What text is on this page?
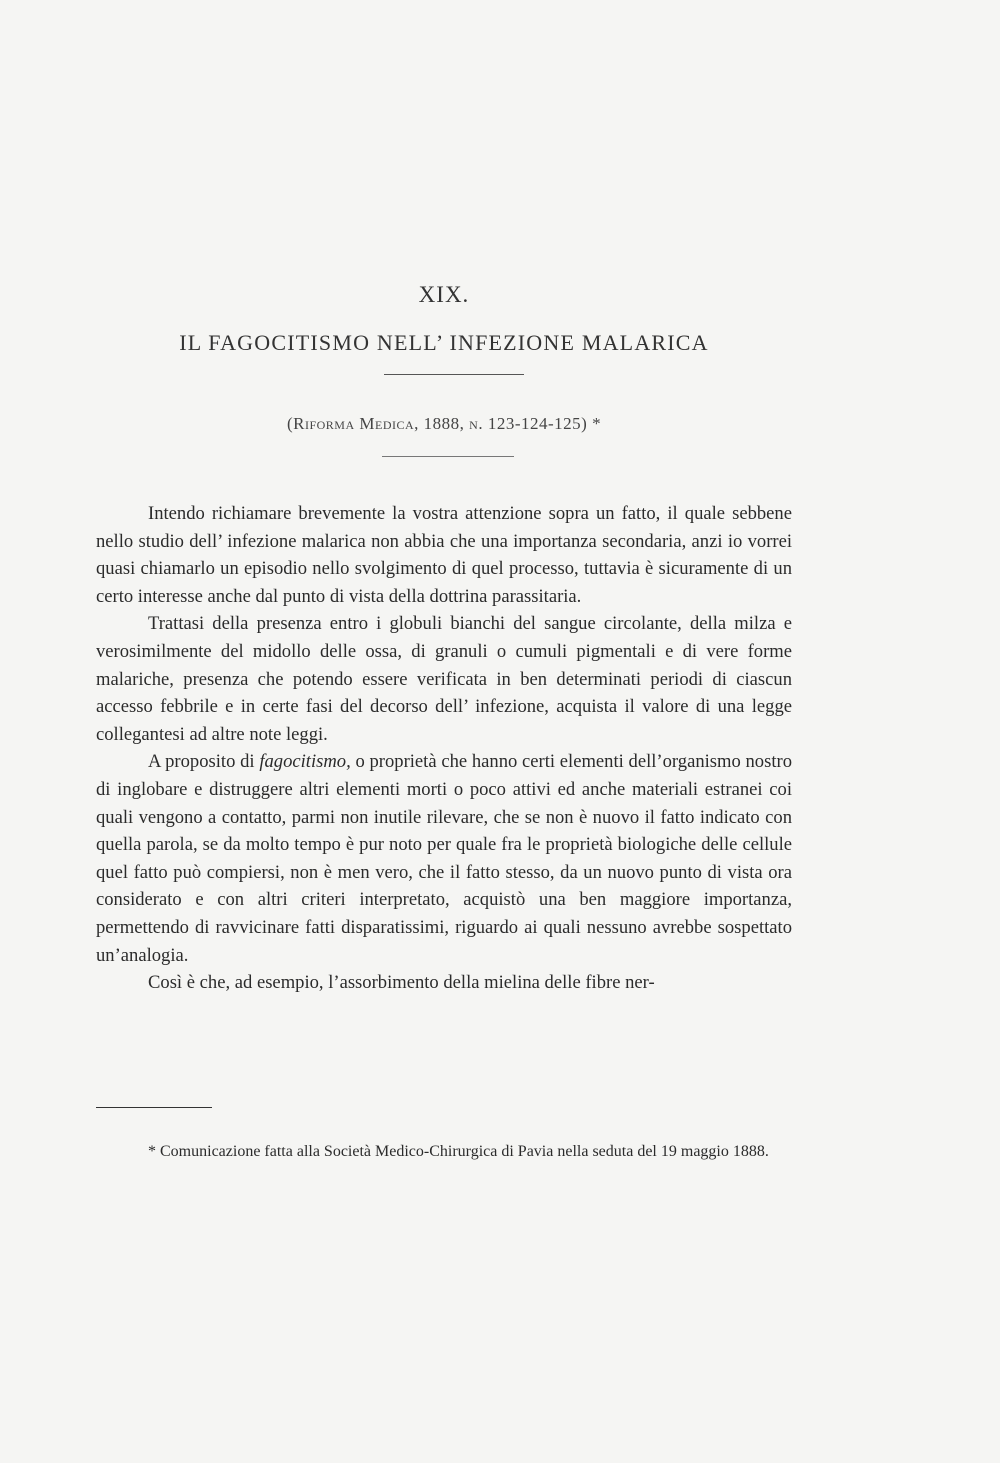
XIX.
IL FAGOCITISMO NELL’ INFEZIONE MALARICA
(Riforma Medica, 1888, n. 123-124-125) *

Intendo richiamare brevemente la vostra attenzione sopra un fatto, il quale sebbene nello studio dell’ infezione malarica non abbia che una importanza secondaria, anzi io vorrei quasi chiamarlo un episodio nello svolgimento di quel processo, tuttavia è sicuramente di un certo interesse anche dal punto di vista della dottrina parassitaria.

Trattasi della presenza entro i globuli bianchi del sangue circolante, della milza e verosimilmente del midollo delle ossa, di granuli o cumuli pigmentali e di vere forme malariche, presenza che potendo essere verificata in ben determinati periodi di ciascun accesso febbrile e in certe fasi del decorso dell’ infezione, acquista il valore di una legge collegantesi ad altre note leggi.

A proposito di fagocitismo, o proprietà che hanno certi elementi dell’organismo nostro di inglobare e distruggere altri elementi morti o poco attivi ed anche materiali estranei coi quali vengono a contatto, parmi non inutile rilevare, che se non è nuovo il fatto indicato con quella parola, se da molto tempo è pur noto per quale fra le proprietà biologiche delle cellule quel fatto può compiersi, non è men vero, che il fatto stesso, da un nuovo punto di vista ora considerato e con altri criteri interpretato, acquistò una ben maggiore importanza, permettendo di ravvicinare fatti disparatissimi, riguardo ai quali nessuno avrebbe sospettato un’analogia.

Così è che, ad esempio, l’assorbimento della mielina delle fibre ner-

* Comunicazione fatta alla Società Medico-Chirurgica di Pavia nella seduta del 19 maggio 1888.
